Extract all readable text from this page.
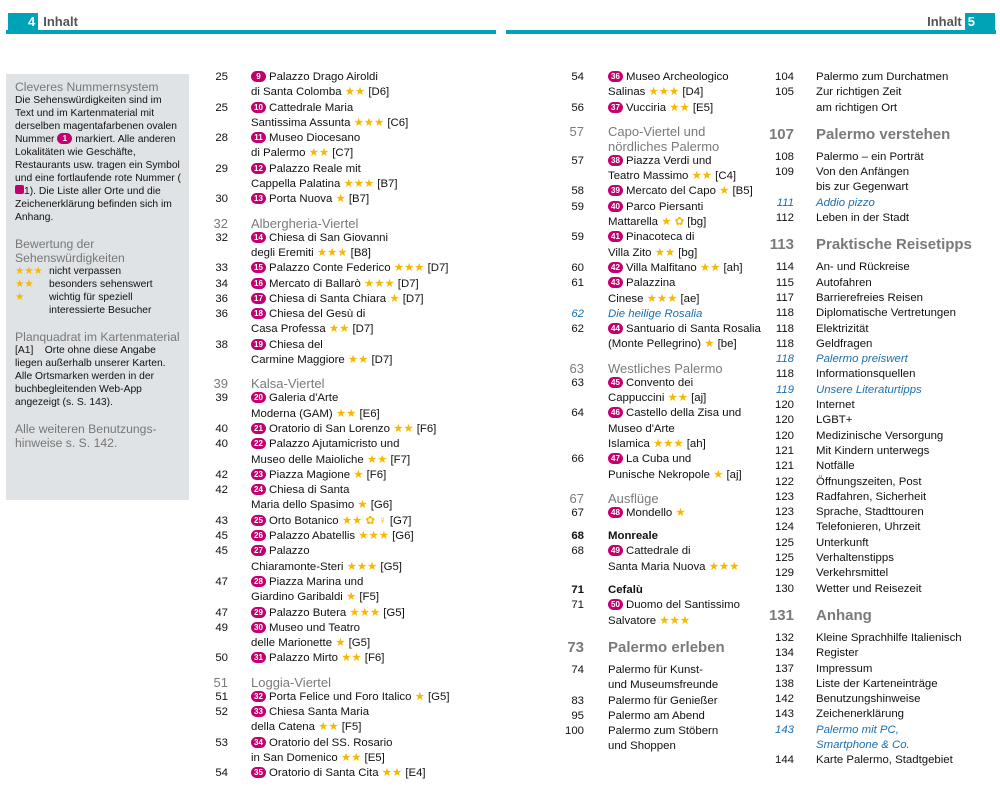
4 Inhalt	Inhalt 5
Cleveres Nummernsystem

Die Sehenswürdigkeiten sind im Text und im Kartenmaterial mit derselben magentafarbenen ovalen Nummer 1 markiert. Alle anderen Lokalitäten wie Geschäfte, Restaurants usw. tragen ein Symbol und eine fortlaufende rote Nummer (1). Die Liste aller Orte und die Zeichenerklärung befinden sich im Anhang.

Bewertung der
Sehenswürdigkeiten
★★★ nicht verpassen
★★	besonders sehenswert
★	wichtig für speziell interessierte Besucher
Planquadrat im Kartenmaterial

[A1]    Orte ohne diese Angabe liegen außerhalb unserer Karten. Alle Ortsmarken werden in der buchbegleitenden Web-App angezeigt (s. S. 143).

Alle weiteren Benutzungs-
hinweise s. S. 142.
25	9 Palazzo Drago Airoldi
di Santa Colomba ★★ [D6]
25	10 Cattedrale Maria
Santissima Assunta ★★★ [C6]
28	11 Museo Diocesano
di Palermo ★★ [C7]
29	12 Palazzo Reale mit
Cappella Palatina ★★★ [B7]
30	13 Porta Nuova ★ [B7]
32 Albergheria-Viertel
32	14 Chiesa di San Giovanni
degli Eremiti ★★★ [B8]
33	15 Palazzo Conte Federico ★★★ [D7]
34	16 Mercato di Ballarò ★★★ [D7]
36	17 Chiesa di Santa Chiara ★ [D7]
36	18 Chiesa del Gesù di
Casa Professa ★★ [D7]
38	19 Chiesa del
Carmine Maggiore ★★ [D7]
39 Kalsa-Viertel
39	20 Galeria d'Arte
Moderna (GAM) ★★ [E6]
40	21 Oratorio di San Lorenzo ★★ [F6]
40	22 Palazzo Ajutamicristo und
Museo delle Maioliche ★★ [F7]
42	23 Piazza Magione ★ [F6]
42	24 Chiesa di Santa
Maria dello Spasimo ★ [G6]
43	25 Orto Botanico ★★ ✿ ♀ [G7]
45	26 Palazzo Abatellis ★★★ [G6]
45	27 Palazzo
Chiaramonte-Steri ★★★ [G5]
47	28 Piazza Marina und
Giardino Garibaldi ★ [F5]
47	29 Palazzo Butera ★★★ [G5]
49	30 Museo und Teatro
delle Marionette ★ [G5]
50	31 Palazzo Mirto ★★ [F6]
51 Loggia-Viertel
51	32 Porta Felice und Foro Italico ★ [G5]
52	33 Chiesa Santa Maria
della Catena ★★ [F5]
53	34 Oratorio del SS. Rosario
in San Domenico ★★ [E5]
54	35 Oratorio di Santa Cita ★★ [E4]
54	36 Museo Archeologico
Salinas ★★★ [D4]
56	37 Vucciria ★★ [E5]
57 Capo-Viertel und
nördliches Palermo
57	38 Piazza Verdi und
Teatro Massimo ★★ [C4]
58	39 Mercato del Capo ★ [B5]
59	40 Parco Piersanti
Mattarella ★ ✿ [bg]
59	41 Pinacoteca di
Villa Zito ★★ [bg]
60	42 Villa Malfitano ★★ [ah]
61	43 Palazzina
Cinese ★★★ [ae]
62 Die heilige Rosalia
62	44 Santuario di Santa Rosalia
(Monte Pellegrino) ★ [be]
63 Westliches Palermo
63	45 Convento dei
Cappuccini ★★ [aj]
64	46 Castello della Zisa und
Museo d'Arte
Islamica ★★★ [ah]
66	47 La Cuba und
Punische Nekropole ★ [aj]
67 Ausflüge
67	48 Mondello ★
68 Monreale
68	49 Cattedrale di
Santa Maria Nuova ★★★
71 Cefalù
71	50 Duomo del Santissimo
Salvatore ★★★
73 Palermo erleben
74 Palermo für Kunst-
und Museumsfreunde
83 Palermo für Genießer
95 Palermo am Abend
100 Palermo zum Stöbern
und Shoppen
104 Palermo zum Durchatmen
105 Zur richtigen Zeit
am richtigen Ort
107 Palermo verstehen
108 Palermo – ein Porträt
109 Von den Anfängen
bis zur Gegenwart
111 Addio pizzo
112 Leben in der Stadt
113 Praktische Reisetipps
114 An- und Rückreise
115 Autofahren
117 Barrierefreies Reisen
118 Diplomatische Vertretungen
118 Elektrizität
118 Geldfragen
118 Palermo preiswert
118 Informationsquellen
119 Unsere Literaturtipps
120 Internet
120 LGBT+
120 Medizinische Versorgung
121 Mit Kindern unterwegs
121 Notfälle
122 Öffnungszeiten, Post
123 Radfahren, Sicherheit
123 Sprache, Stadttouren
124 Telefonieren, Uhrzeit
125 Unterkunft
125 Verhaltenstipps
129 Verkehrsmittel
130 Wetter und Reisezeit
131 Anhang
132 Kleine Sprachhilfe Italienisch
134 Register
137 Impressum
138 Liste der Karteneinträge
142 Benutzungshinweise
143 Zeichenerklärung
143 Palermo mit PC,
Smartphone & Co.
144 Karte Palermo, Stadtgebiet
